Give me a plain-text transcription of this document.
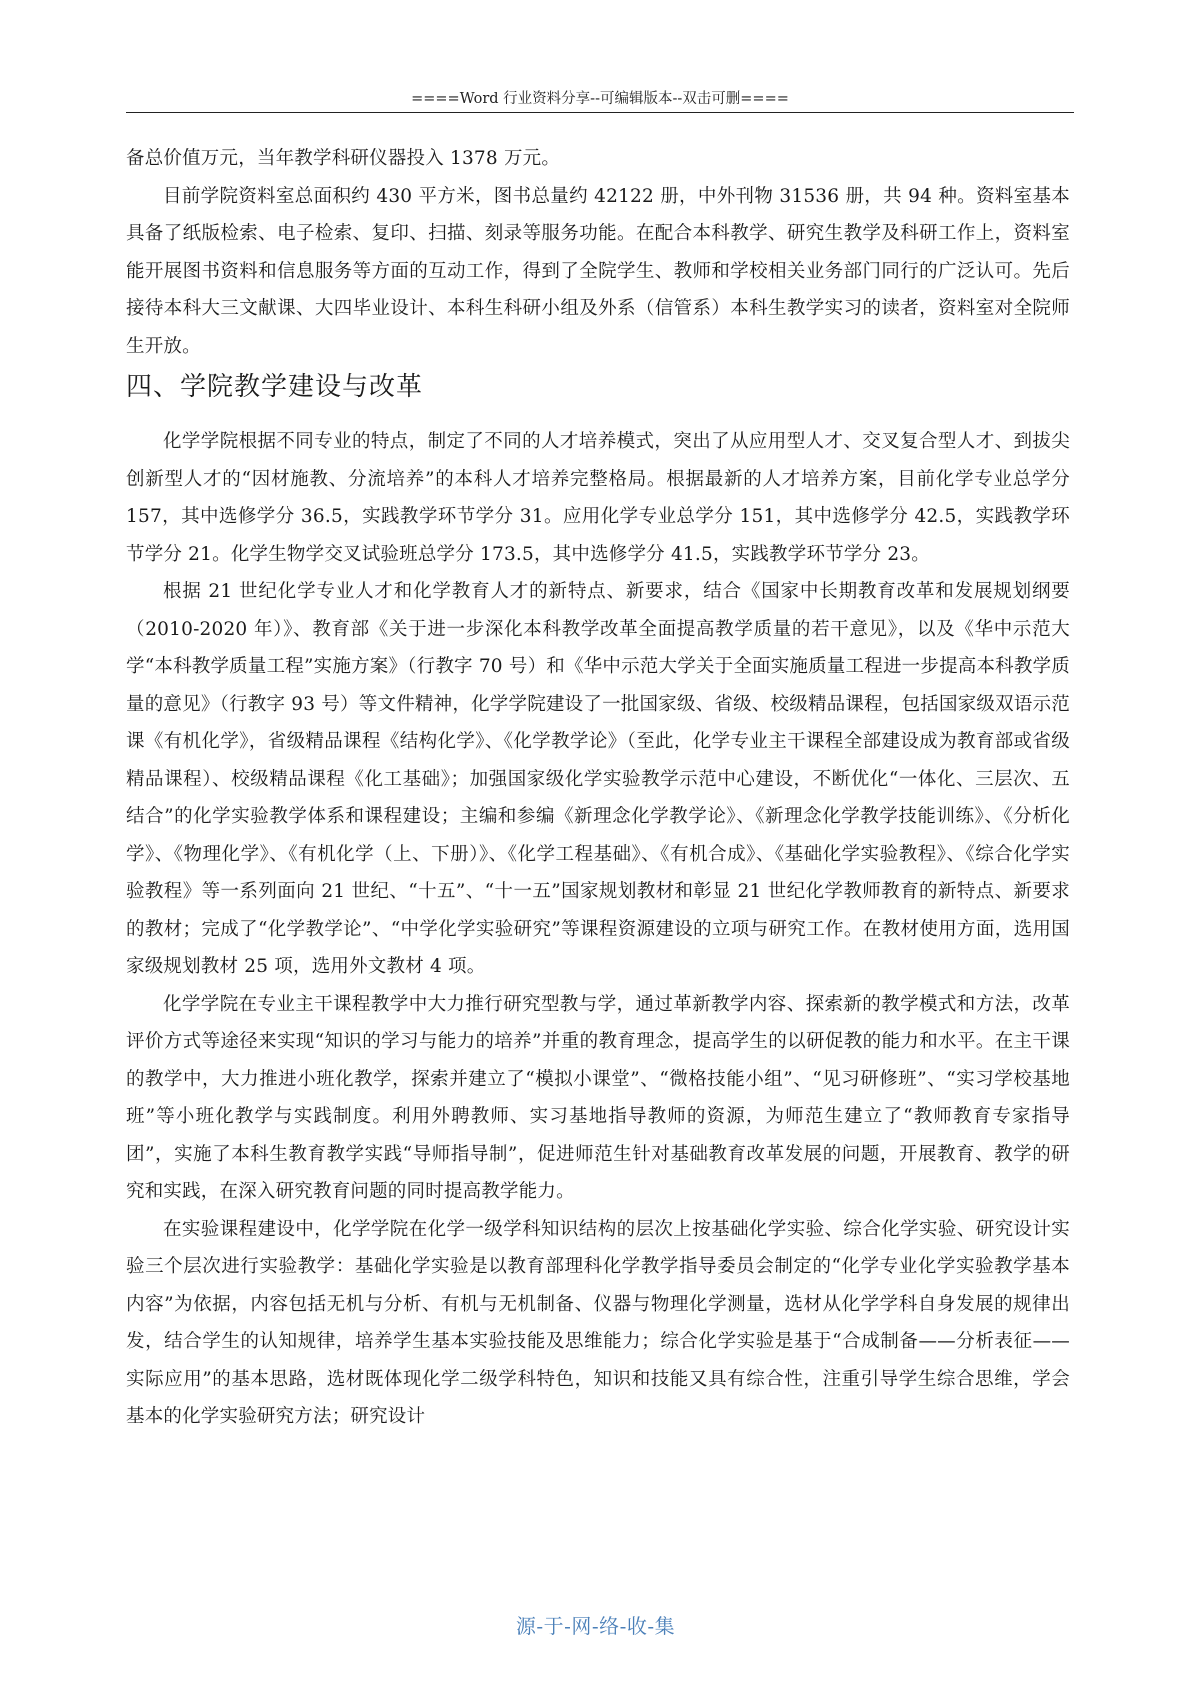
====Word 行业资料分享--可编辑版本--双击可删====

备总价值万元，当年教学科研仪器投入 1378 万元。

目前学院资料室总面积约 430 平方米，图书总量约 42122 册，中外刊物 31536 册，共 94 种。资料室基本具备了纸版检索、电子检索、复印、扫描、刻录等服务功能。在配合本科教学、研究生教学及科研工作上，资料室能开展图书资料和信息服务等方面的互动工作，得到了全院学生、教师和学校相关业务部门同行的广泛认可。先后接待本科大三文献课、大四毕业设计、本科生科研小组及外系（信管系）本科生教学实习的读者，资料室对全院师生开放。

四、学院教学建设与改革

化学学院根据不同专业的特点，制定了不同的人才培养模式，突出了从应用型人才、交叉复合型人才、到拔尖创新型人才的“因材施教、分流培养”的本科人才培养完整格局。根据最新的人才培养方案，目前化学专业总学分 157，其中选修学分 36.5，实践教学环节学分 31。应用化学专业总学分 151，其中选修学分 42.5，实践教学环节学分 21。化学生物学交叉试验班总学分 173.5，其中选修学分 41.5，实践教学环节学分 23。

根据 21 世纪化学专业人才和化学教育人才的新特点、新要求，结合《国家中长期教育改革和发展规划纲要（2010-2020 年）》、教育部《关于进一步深化本科教学改革全面提高教学质量的若干意见》，以及《华中示范大学“本科教学质量工程”实施方案》（行教字 70 号）和《华中示范大学关于全面实施质量工程进一步提高本科教学质量的意见》（行教字 93 号）等文件精神，化学学院建设了一批国家级、省级、校级精品课程，包括国家级双语示范课《有机化学》，省级精品课程《结构化学》、《化学教学论》（至此，化学专业主干课程全部建设成为教育部或省级精品课程）、校级精品课程《化工基础》；加强国家级化学实验教学示范中心建设，不断优化“一体化、三层次、五结合”的化学实验教学体系和课程建设；主编和参编《新理念化学教学论》、《新理念化学教学技能训练》、《分析化学》、《物理化学》、《有机化学（上、下册）》、《化学工程基础》、《有机合成》、《基础化学实验教程》、《综合化学实验教程》等一系列面向 21 世纪、“十五”、“十一五”国家规划教材和彰显 21 世纪化学教师教育的新特点、新要求的教材；完成了“化学教学论”、“中学化学实验研究”等课程资源建设的立项与研究工作。在教材使用方面，选用国家级规划教材 25 项，选用外文教材 4 项。

化学学院在专业主干课程教学中大力推行研究型教与学，通过革新教学内容、探索新的教学模式和方法，改革评价方式等途径来实现“知识的学习与能力的培养”并重的教育理念，提高学生的以研促教的能力和水平。在主干课的教学中，大力推进小班化教学，探索并建立了“模拟小课堂”、“微格技能小组”、“见习研修班”、“实习学校基地班”等小班化教学与实践制度。利用外聘教师、实习基地指导教师的资源，为师范生建立了“教师教育专家指导团”，实施了本科生教育教学实践“导师指导制”，促进师范生针对基础教育改革发展的问题，开展教育、教学的研究和实践，在深入研究教育问题的同时提高教学能力。

在实验课程建设中，化学学院在化学一级学科知识结构的层次上按基础化学实验、综合化学实验、研究设计实验三个层次进行实验教学：基础化学实验是以教育部理科化学教学指导委员会制定的“化学专业化学实验教学基本内容”为依据，内容包括无机与分析、有机与无机制备、仪器与物理化学测量，选材从化学学科自身发展的规律出发，结合学生的认知规律，培养学生基本实验技能及思维能力；综合化学实验是基于“合成制备——分析表征——实际应用”的基本思路，选材既体现化学二级学科特色，知识和技能又具有综合性，注重引导学生综合思维，学会基本的化学实验研究方法；研究设计

源-于-网-络-收-集
